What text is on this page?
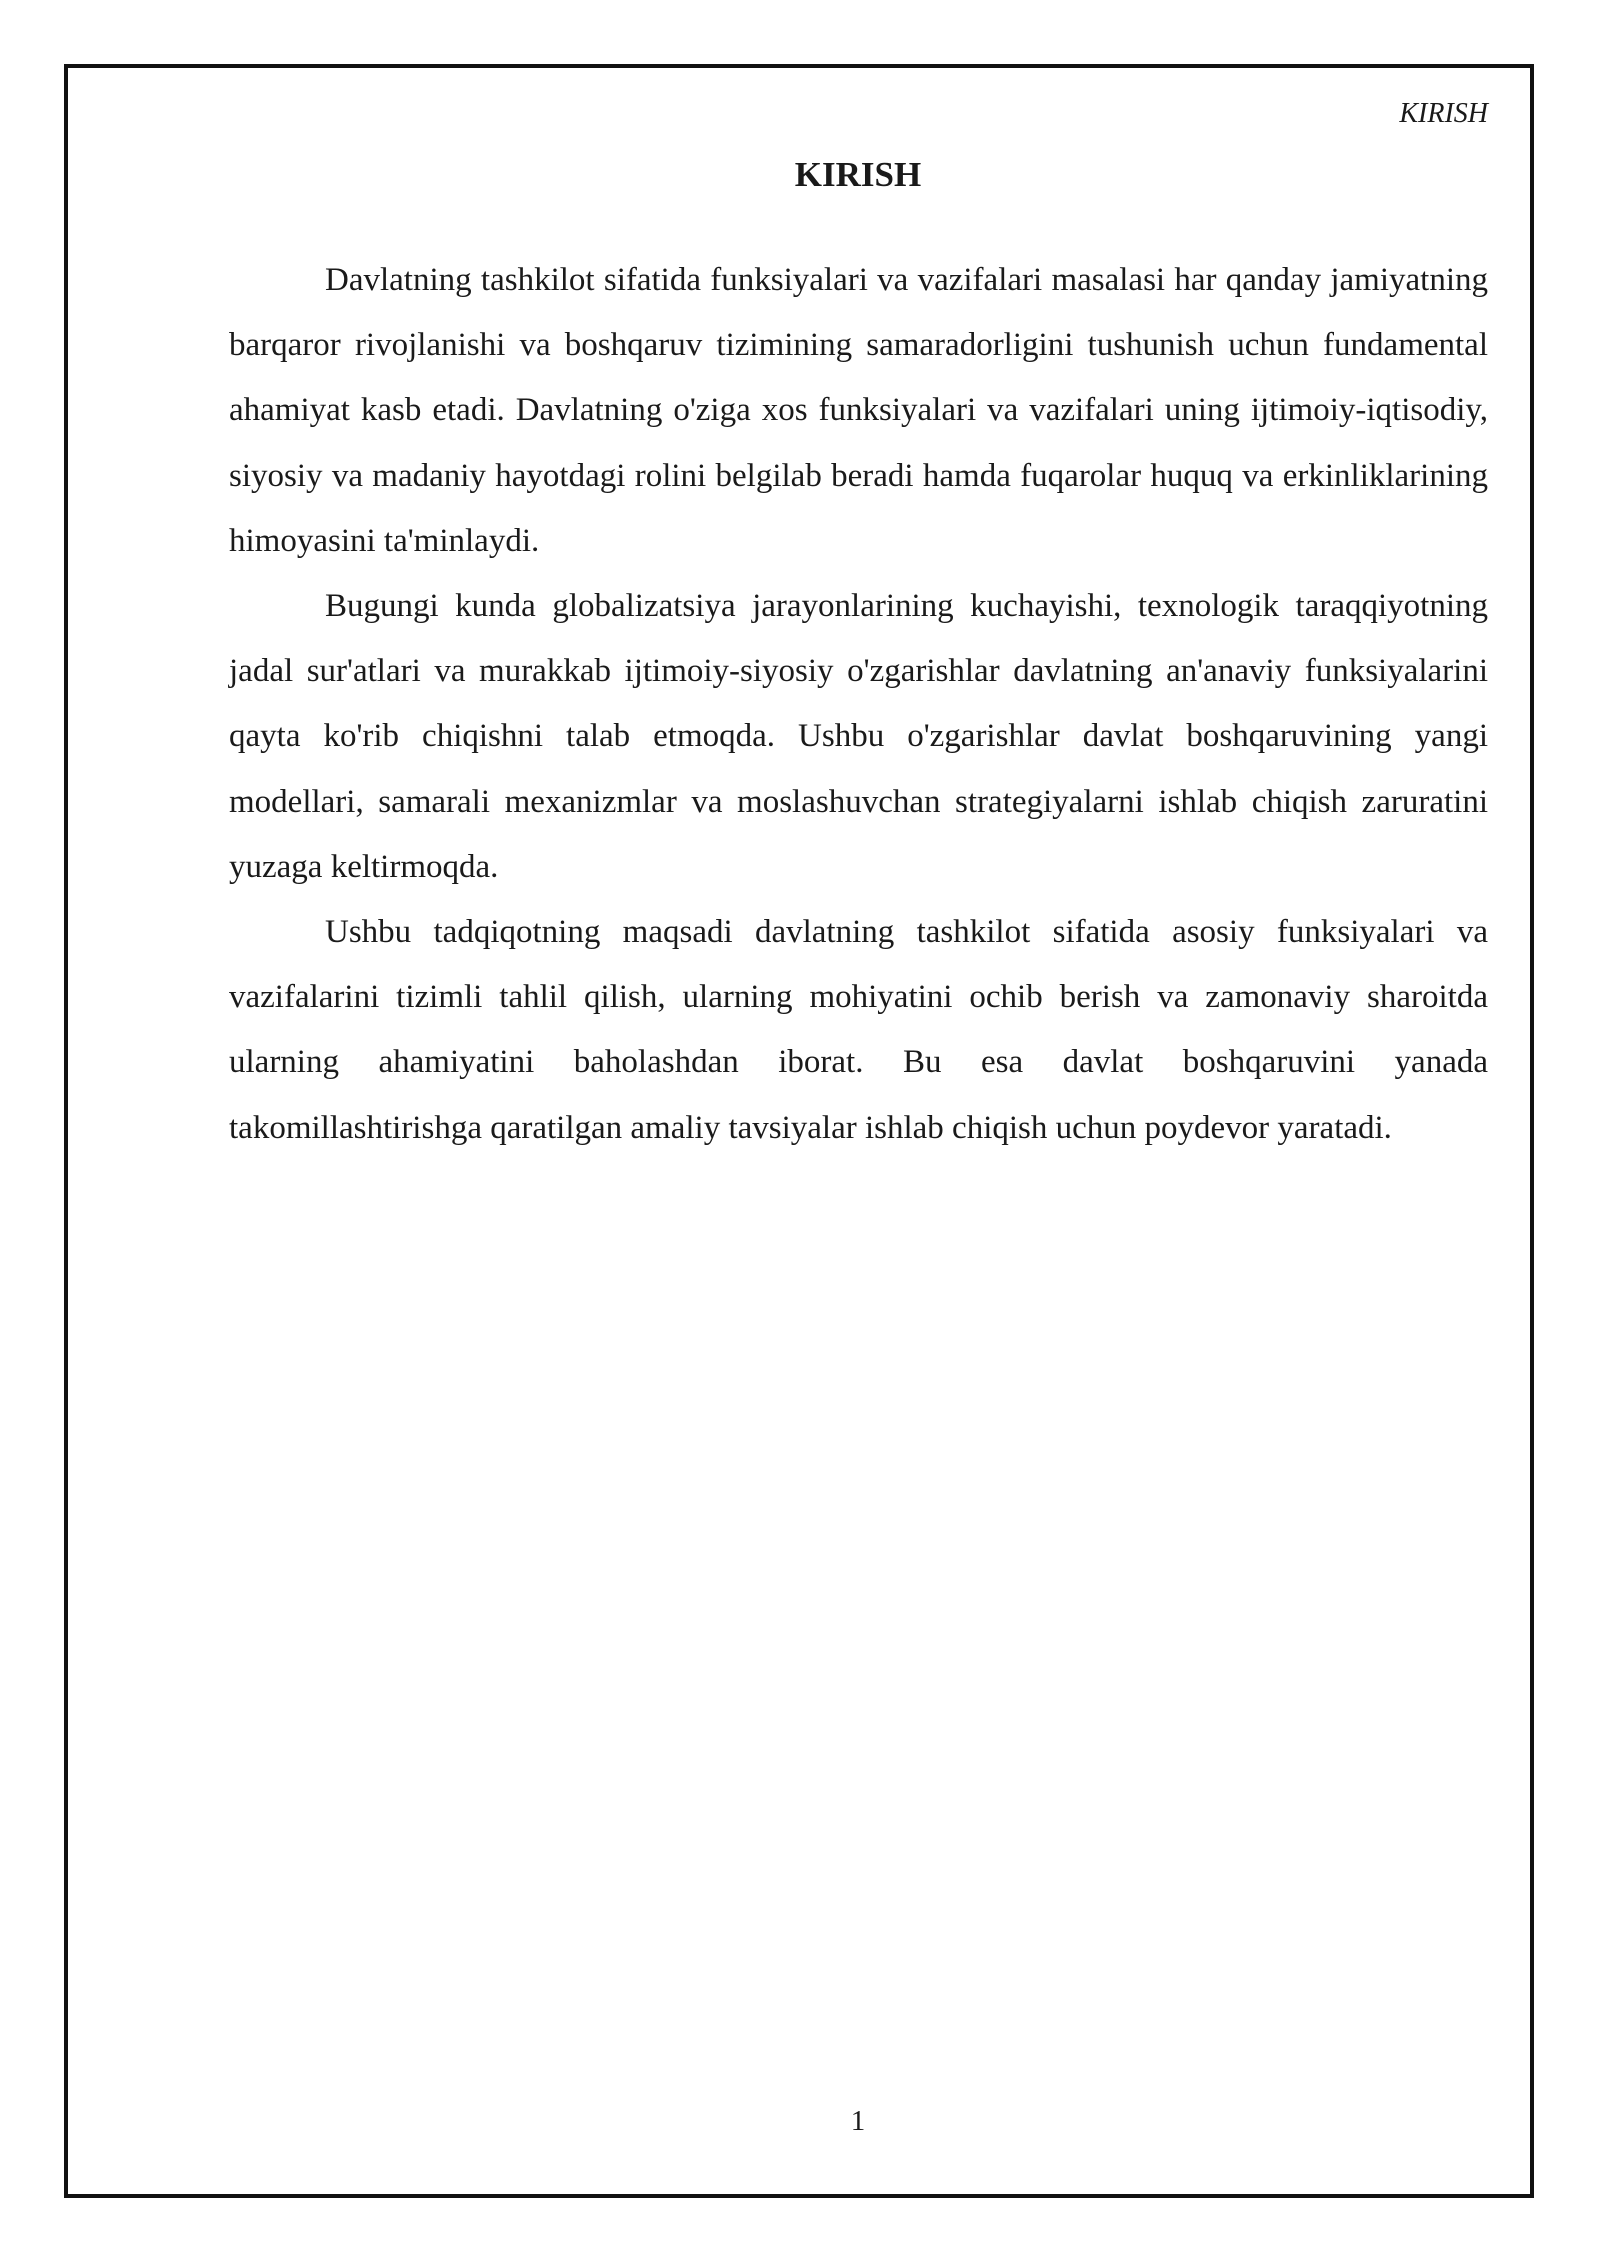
KIRISH
KIRISH

Davlatning tashkilot sifatida funksiyalari va vazifalari masalasi har qanday jamiyatning barqaror rivojlanishi va boshqaruv tizimining samaradorligini tushunish uchun fundamental ahamiyat kasb etadi. Davlatning o'ziga xos funksiyalari va vazifalari uning ijtimoiy-iqtisodiy, siyosiy va madaniy hayotdagi rolini belgilab beradi hamda fuqarolar huquq va erkinliklarining himoyasini ta'minlaydi.

Bugungi kunda globalizatsiya jarayonlarining kuchayishi, texnologik taraqqiyotning jadal sur'atlari va murakkab ijtimoiy-siyosiy o'zgarishlar davlatning an'anaviy funksiyalarini qayta ko'rib chiqishni talab etmoqda. Ushbu o'zgarishlar davlat boshqaruvining yangi modellari, samarali mexanizmlar va moslashuvchan strategiyalarni ishlab chiqish zaruratini yuzaga keltirmoqda.

Ushbu tadqiqotning maqsadi davlatning tashkilot sifatida asosiy funksiyalari va vazifalarini tizimli tahlil qilish, ularning mohiyatini ochib berish va zamonaviy sharoitda ularning ahamiyatini baholashdan iborat. Bu esa davlat boshqaruvini yanada takomillashtirishga qaratilgan amaliy tavsiyalar ishlab chiqish uchun poydevor yaratadi.

1
